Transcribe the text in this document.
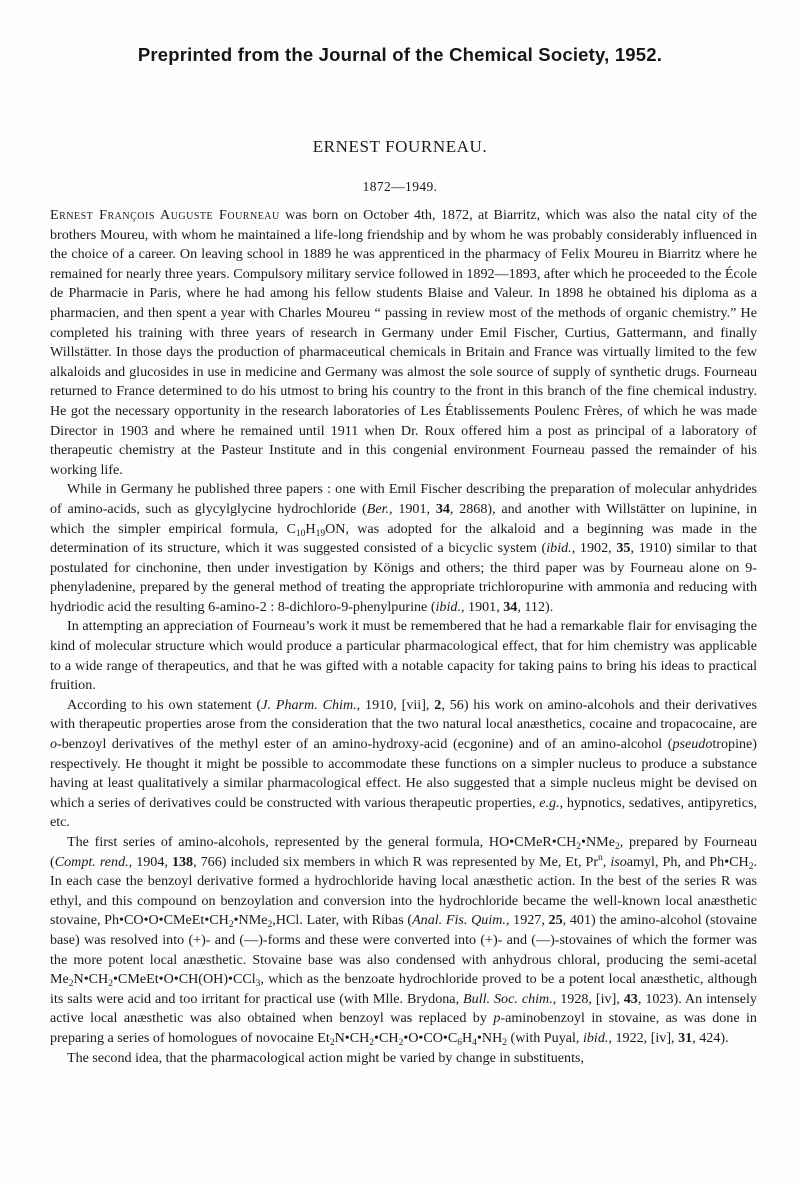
Preprinted from the Journal of the Chemical Society, 1952.
ERNEST FOURNEAU.
1872—1949.

Ernest François Auguste Fourneau was born on October 4th, 1872, at Biarritz, which was also the natal city of the brothers Moureu, with whom he maintained a life-long friendship and by whom he was probably considerably influenced in the choice of a career. On leaving school in 1889 he was apprenticed in the pharmacy of Felix Moureu in Biarritz where he remained for nearly three years. Compulsory military service followed in 1892—1893, after which he proceeded to the École de Pharmacie in Paris, where he had among his fellow students Blaise and Valeur. In 1898 he obtained his diploma as a pharmacien, and then spent a year with Charles Moureu “ passing in review most of the methods of organic chemistry.” He completed his training with three years of research in Germany under Emil Fischer, Curtius, Gattermann, and finally Willstätter. In those days the production of pharmaceutical chemicals in Britain and France was virtually limited to the few alkaloids and glucosides in use in medicine and Germany was almost the sole source of supply of synthetic drugs. Fourneau returned to France determined to do his utmost to bring his country to the front in this branch of the fine chemical industry. He got the necessary opportunity in the research laboratories of Les Établissements Poulenc Frères, of which he was made Director in 1903 and where he remained until 1911 when Dr. Roux offered him a post as principal of a laboratory of therapeutic chemistry at the Pasteur Institute and in this congenial environment Fourneau passed the remainder of his working life.

While in Germany he published three papers : one with Emil Fischer describing the preparation of molecular anhydrides of amino-acids, such as glycylglycine hydrochloride (Ber., 1901, 34, 2868), and another with Willstätter on lupinine, in which the simpler empirical formula, $C_{10}H_{19}ON$, was adopted for the alkaloid and a beginning was made in the determination of its structure, which it was suggested consisted of a bicyclic system (ibid., 1902, 35, 1910) similar to that postulated for cinchonine, then under investigation by Königs and others; the third paper was by Fourneau alone on 9-phenyladenine, prepared by the general method of treating the appropriate trichloropurine with ammonia and reducing with hydriodic acid the resulting 6-amino-2 : 8-dichloro-9-phenylpurine (ibid., 1901, 34, 112).

In attempting an appreciation of Fourneau’s work it must be remembered that he had a remarkable flair for envisaging the kind of molecular structure which would produce a particular pharmacological effect, that for him chemistry was applicable to a wide range of therapeutics, and that he was gifted with a notable capacity for taking pains to bring his ideas to practical fruition.

According to his own statement (J. Pharm. Chim., 1910, [vii], 2, 56) his work on amino-alcohols and their derivatives with therapeutic properties arose from the consideration that the two natural local anæsthetics, cocaine and tropacocaine, are o-benzoyl derivatives of the methyl ester of an amino-hydroxy-acid (ecgonine) and of an amino-alcohol (pseudotropine) respectively. He thought it might be possible to accommodate these functions on a simpler nucleus to produce a substance having at least qualitatively a similar pharmacological effect. He also suggested that a simple nucleus might be devised on which a series of derivatives could be constructed with various therapeutic properties, e.g., hypnotics, sedatives, antipyretics, etc.

The first series of amino-alcohols, represented by the general formula, $HO•CMeR•CH_2•NMe_2$, prepared by Fourneau (Compt. rend., 1904, 138, 766) included six members in which R was represented by Me, Et, Pr$^n$, isoamyl, Ph, and $Ph•CH_2$. In each case the benzoyl derivative formed a hydrochloride having local anæsthetic action. In the best of the series R was ethyl, and this compound on benzoylation and conversion into the hydrochloride became the well-known local anæsthetic stovaine, $Ph•CO•O•CMeEt•CH_2•NMe_2,HCl$. Later, with Ribas (Anal. Fis. Quim., 1927, 25, 401) the amino-alcohol (stovaine base) was resolved into (+)- and (—)-forms and these were converted into (+)- and (—)-stovaines of which the former was the more potent local anæsthetic. Stovaine base was also condensed with anhydrous chloral, producing the semi-acetal $Me_2N•CH_2•CMeEt•O•CH(OH)•CCl_3$, which as the benzoate hydrochloride proved to be a potent local anæsthetic, although its salts were acid and too irritant for practical use (with Mlle. Brydona, Bull. Soc. chim., 1928, [iv], 43, 1023). An intensely active local anæsthetic was also obtained when benzoyl was replaced by p-aminobenzoyl in stovaine, as was done in preparing a series of homologues of novocaine $Et_2N•CH_2•CH_2•O•CO•C_6H_4•NH_2$ (with Puyal, ibid., 1922, [iv], 31, 424).

The second idea, that the pharmacological action might be varied by change in substituents,
